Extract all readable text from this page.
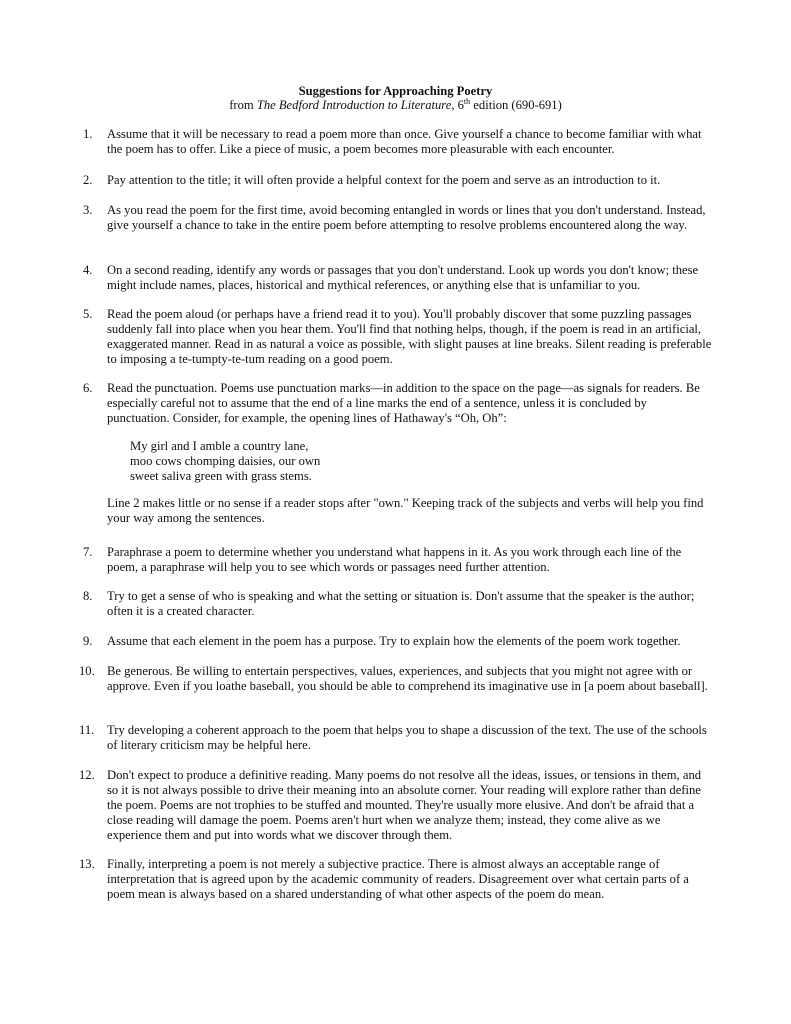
Suggestions for Approaching Poetry
from The Bedford Introduction to Literature, 6th edition (690-691)
1. Assume that it will be necessary to read a poem more than once. Give yourself a chance to become familiar with what the poem has to offer. Like a piece of music, a poem becomes more pleasurable with each encounter.

2. Pay attention to the title; it will often provide a helpful context for the poem and serve as an introduction to it.

3. As you read the poem for the first time, avoid becoming entangled in words or lines that you don't understand. Instead, give yourself a chance to take in the entire poem before attempting to resolve problems encountered along the way.

4. On a second reading, identify any words or passages that you don't understand. Look up words you don't know; these might include names, places, historical and mythical references, or anything else that is unfamiliar to you.

5. Read the poem aloud (or perhaps have a friend read it to you). You'll probably discover that some puzzling passages suddenly fall into place when you hear them. You'll find that nothing helps, though, if the poem is read in an artificial, exaggerated manner. Read in as natural a voice as possible, with slight pauses at line breaks. Silent reading is preferable to imposing a te-tumpty-te-tum reading on a good poem.

6. Read the punctuation. Poems use punctuation marks—in addition to the space on the page—as signals for readers. Be especially careful not to assume that the end of a line marks the end of a sentence, unless it is concluded by punctuation. Consider, for example, the opening lines of Hathaway's “Oh, Oh”:

My girl and I amble a country lane,
moo cows chomping daisies, our own
sweet saliva green with grass stems.

Line 2 makes little or no sense if a reader stops after "own." Keeping track of the subjects and verbs will help you find your way among the sentences.

7. Paraphrase a poem to determine whether you understand what happens in it. As you work through each line of the poem, a paraphrase will help you to see which words or passages need further attention.

8. Try to get a sense of who is speaking and what the setting or situation is. Don't assume that the speaker is the author; often it is a created character.

9. Assume that each element in the poem has a purpose. Try to explain how the elements of the poem work together.

10. Be generous. Be willing to entertain perspectives, values, experiences, and subjects that you might not agree with or approve. Even if you loathe baseball, you should be able to comprehend its imaginative use in [a poem about baseball].

11. Try developing a coherent approach to the poem that helps you to shape a discussion of the text. The use of the schools of literary criticism may be helpful here.

12. Don't expect to produce a definitive reading. Many poems do not resolve all the ideas, issues, or tensions in them, and so it is not always possible to drive their meaning into an absolute corner. Your reading will explore rather than define the poem. Poems are not trophies to be stuffed and mounted. They're usually more elusive. And don't be afraid that a close reading will damage the poem. Poems aren't hurt when we analyze them; instead, they come alive as we experience them and put into words what we discover through them.

13. Finally, interpreting a poem is not merely a subjective practice. There is almost always an acceptable range of interpretation that is agreed upon by the academic community of readers. Disagreement over what certain parts of a poem mean is always based on a shared understanding of what other aspects of the poem do mean.
